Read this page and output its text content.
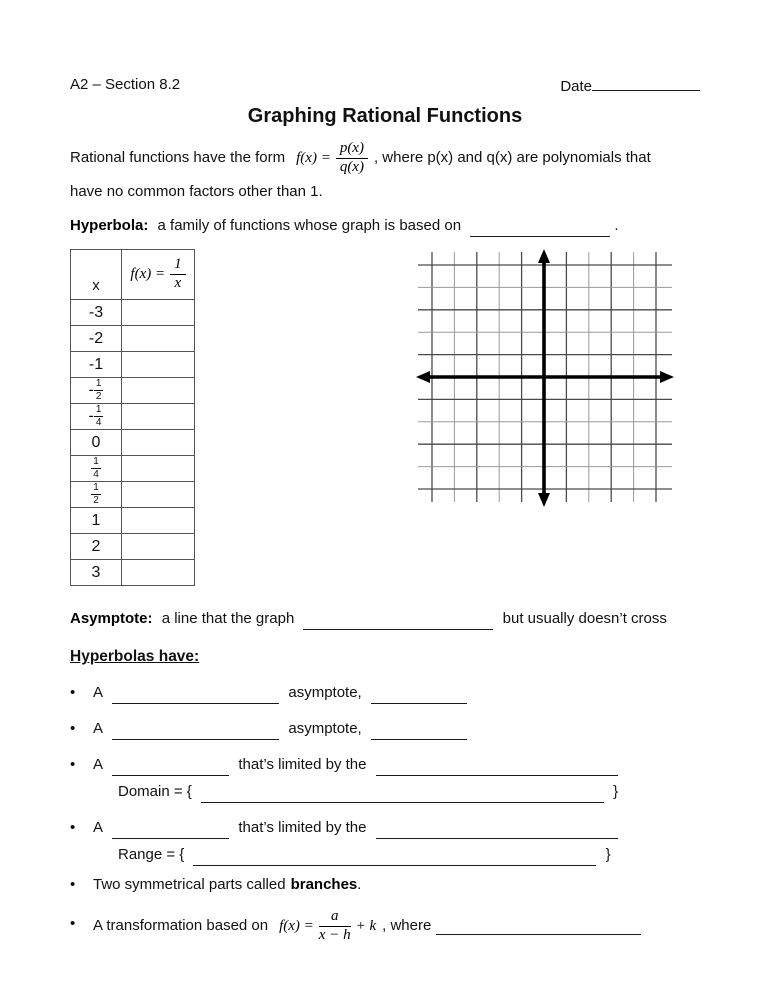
A2 – Section 8.2	Date
Graphing Rational Functions
Rational functions have the form $f(x) = \frac{p(x)}{q(x)}$ , where p(x) and q(x) are polynomials that
have no common factors other than 1.
Hyperbola: a family of functions whose graph is based on	.
x	$f(x) = \frac{1}{x}$

-3	
-2	
-1	
- $\frac{1}{2}$

- $\frac{1}{4}$

0	

$\frac{1}{4}$

$\frac{1}{2}$

1	
2	
3	
Asymptote: a line that the graph	but usually doesn’t cross
Hyperbolas have:
•	A	asymptote,
•	A	asymptote,
•	A	that’s limited by the
Domain = {	}
•	A	that’s limited by the
Range = {	}
•	Two symmetrical parts called branches.
•	A transformation based on $f(x) = \frac{a}{x - h} + k$ , where
